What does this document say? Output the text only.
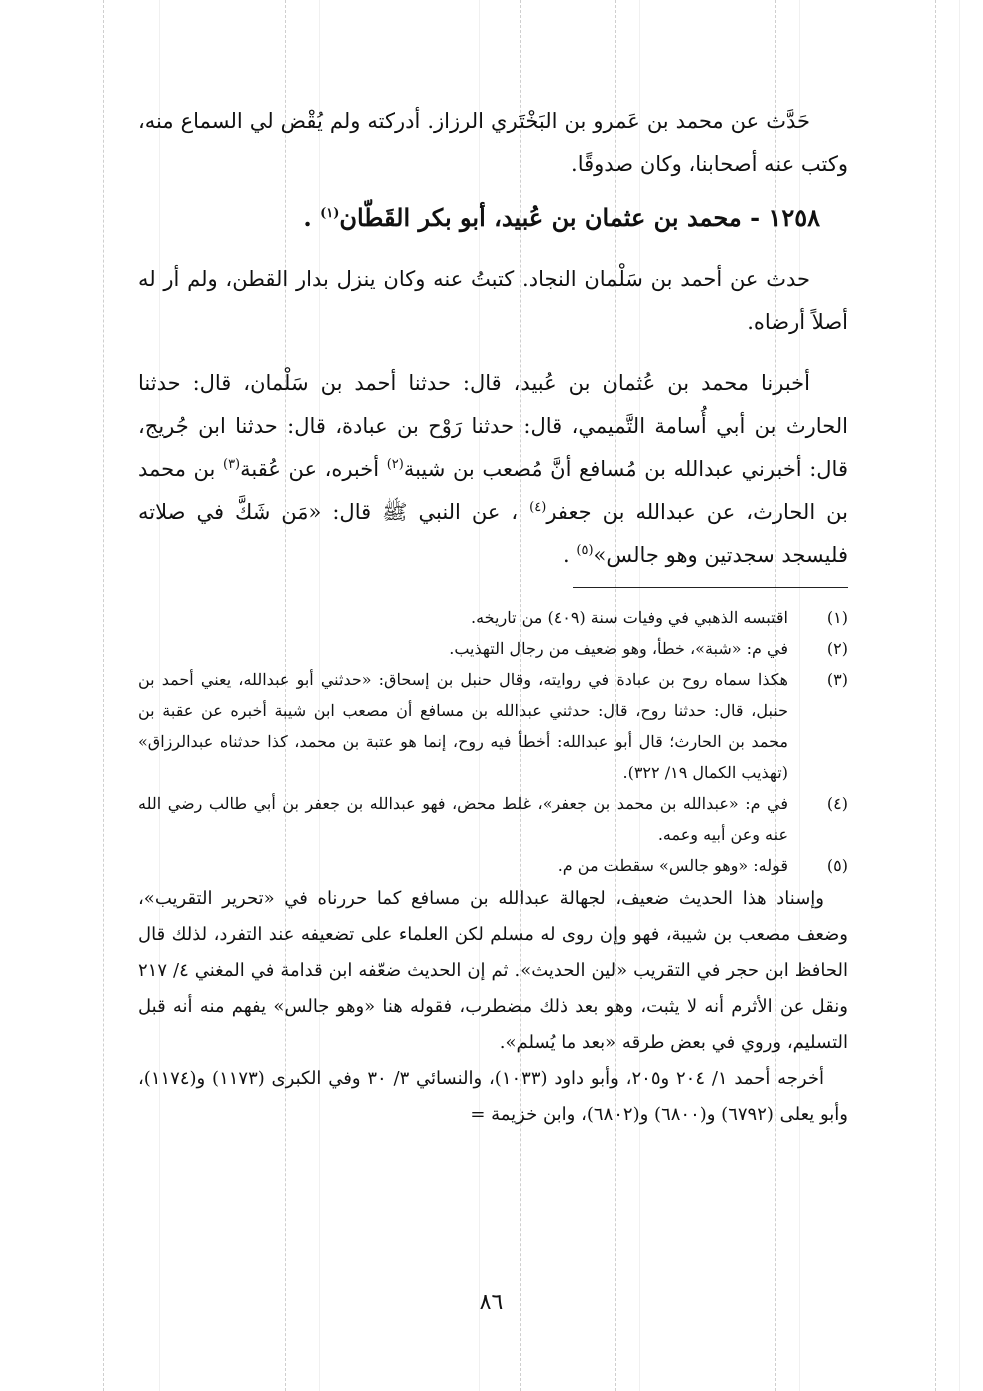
حَدَّث عن محمد بن عَمرو بن البَخْتَري الرزاز. أدركته ولم يُقْض لي السماع منه، وكتب عنه أصحابنا، وكان صدوقًا.

١٢٥٨ - محمد بن عثمان بن عُبيد، أبو بكر القَطّان$^{(١)}$ .

حدث عن أحمد بن سَلْمان النجاد. كتبتُ عنه وكان ينزل بدار القطن، ولم أر له أصلاً أرضاه.

أخبرنا محمد بن عُثمان بن عُبيد، قال: حدثنا أحمد بن سَلْمان، قال: حدثنا الحارث بن أبي أُسامة التَّميمي، قال: حدثنا رَوْح بن عبادة، قال: حدثنا ابن جُريج، قال: أخبرني عبدالله بن مُسافع أنَّ مُصعب بن شيبة$^{(٢)}$ أخبره، عن عُقبة$^{(٣)}$ بن محمد بن الحارث، عن عبدالله بن جعفر$^{(٤)}$ ، عن النبي ﷺ قال: «مَن شَكَّ في صلاته فليسجد سجدتين وهو جالس»$^{(٥)}$ .

(١)
اقتبسه الذهبي في وفيات سنة (٤٠٩) من تاريخه.
(٢)
في م: «شبة»، خطأ، وهو ضعيف من رجال التهذيب.
(٣)
هكذا سماه روح بن عبادة في روايته، وقال حنبل بن إسحاق: «حدثني أبو عبدالله، يعني أحمد بن حنبل، قال: حدثنا روح، قال: حدثني عبدالله بن مسافع أن مصعب ابن شيبة أخبره عن عقبة بن محمد بن الحارث؛ قال أبو عبدالله: أخطأ فيه روح، إنما هو عتبة بن محمد، كذا حدثناه عبدالرزاق» (تهذيب الكمال ١٩/ ٣٢٢).
(٤)
في م: «عبدالله بن محمد بن جعفر»، غلط محض، فهو عبدالله بن جعفر بن أبي طالب رضي الله عنه وعن أبيه وعمه.
(٥)
قوله: «وهو جالس» سقطت من م.

وإسناد هذا الحديث ضعيف، لجهالة عبدالله بن مسافع كما حررناه في «تحرير التقريب»، وضعف مصعب بن شيبة، فهو وإن روى له مسلم لكن العلماء على تضعيفه عند التفرد، لذلك قال الحافظ ابن حجر في التقريب «لين الحديث». ثم إن الحديث ضعّفه ابن قدامة في المغني ٤/ ٢١٧ ونقل عن الأثرم أنه لا يثبت، وهو بعد ذلك مضطرب، فقوله هنا «وهو جالس» يفهم منه أنه قبل التسليم، وروي في بعض طرقه «بعد ما يُسلم».

أخرجه أحمد ١/ ٢٠٤ و٢٠٥، وأبو داود (١٠٣٣)، والنسائي ٣/ ٣٠ وفي الكبرى (١١٧٣) و(١١٧٤)، وأبو يعلى (٦٧٩٢) و(٦٨٠٠) و(٦٨٠٢)، وابن خزيمة =

٨٦
